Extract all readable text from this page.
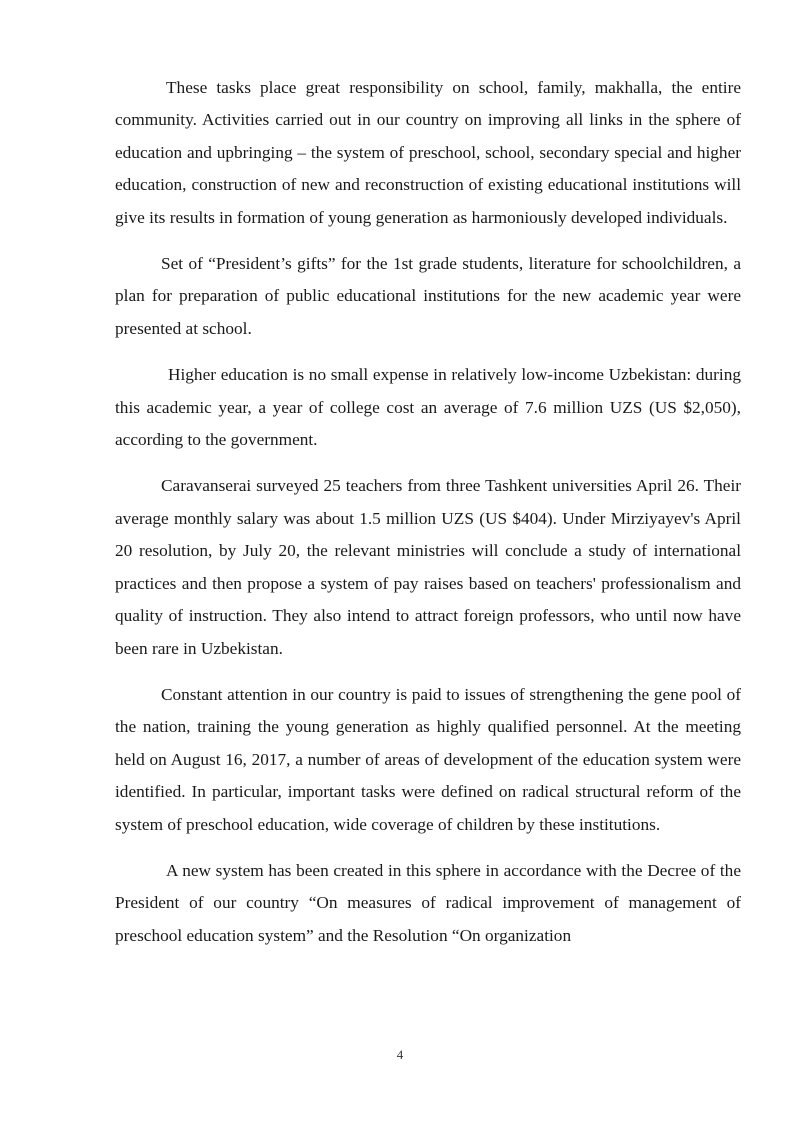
These tasks place great responsibility on school, family, makhalla, the entire community. Activities carried out in our country on improving all links in the sphere of education and upbringing – the system of preschool, school, secondary special and higher education, construction of new and reconstruction of existing educational institutions will give its results in formation of young generation as harmoniously developed individuals.

Set of “President’s gifts” for the 1st grade students, literature for schoolchildren, a plan for preparation of public educational institutions for the new academic year were presented at school.

Higher education is no small expense in relatively low-income Uzbekistan: during this academic year, a year of college cost an average of 7.6 million UZS (US $2,050), according to the government.

Caravanserai surveyed 25 teachers from three Tashkent universities April 26. Their average monthly salary was about 1.5 million UZS (US $404). Under Mirziyayev's April 20 resolution, by July 20, the relevant ministries will conclude a study of international practices and then propose a system of pay raises based on teachers' professionalism and quality of instruction. They also intend to attract foreign professors, who until now have been rare in Uzbekistan.

Constant attention in our country is paid to issues of strengthening the gene pool of the nation, training the young generation as highly qualified personnel. At the meeting held on August 16, 2017, a number of areas of development of the education system were identified. In particular, important tasks were defined on radical structural reform of the system of preschool education, wide coverage of children by these institutions.

A new system has been created in this sphere in accordance with the Decree of the President of our country “On measures of radical improvement of management of preschool education system” and the Resolution “On organization

4
